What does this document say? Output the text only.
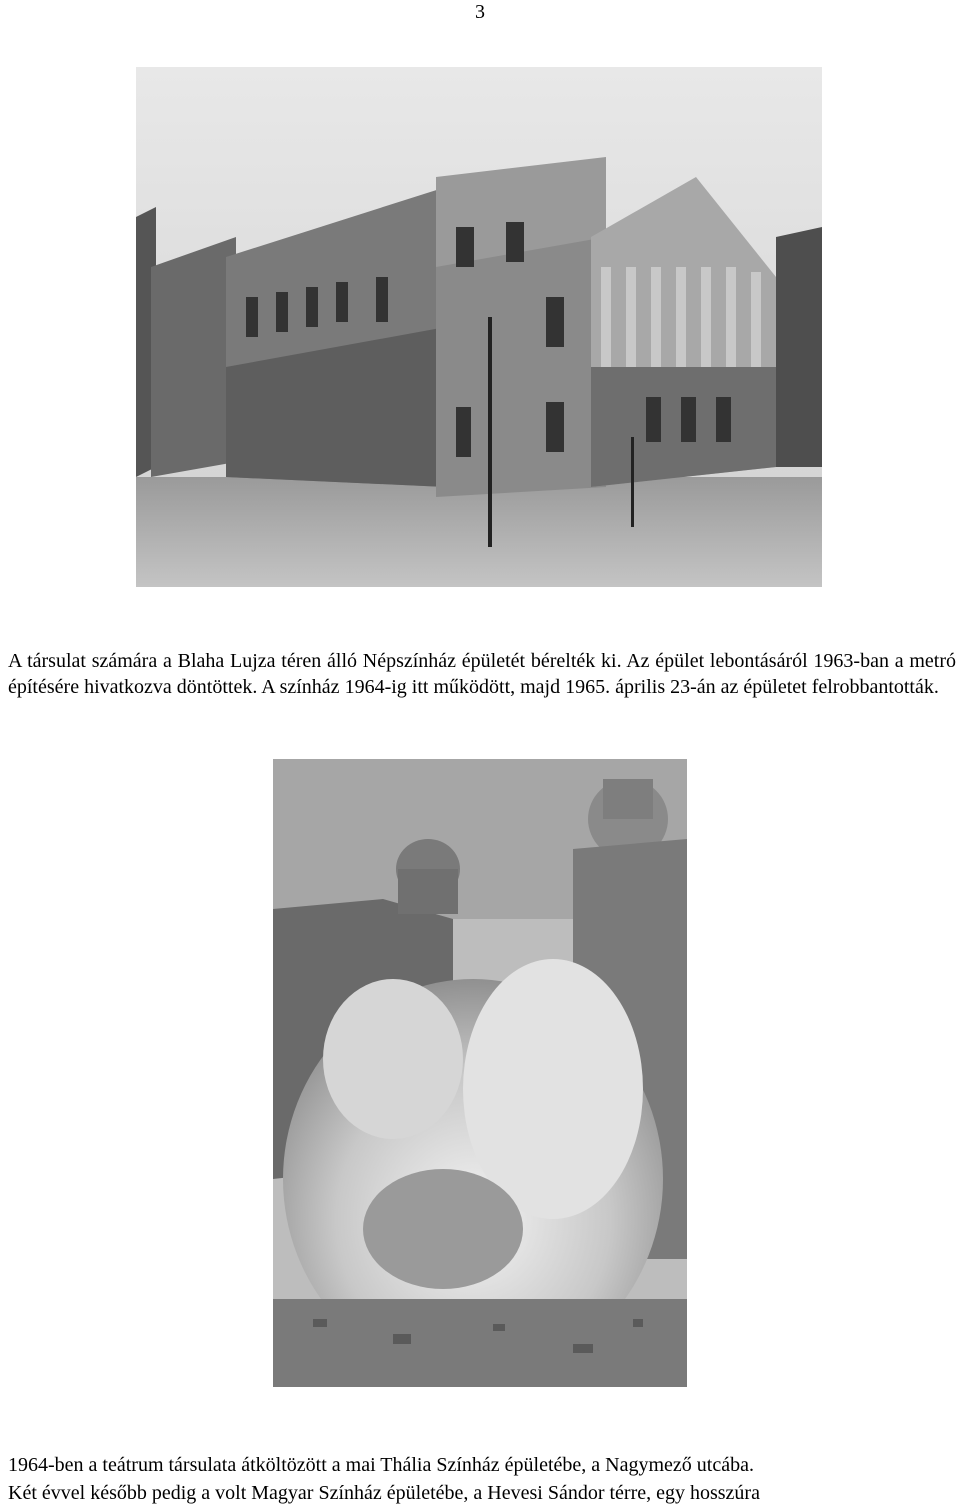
3

A társulat számára a Blaha Lujza téren álló Népszínház épületét bérelték ki. Az épület lebontásáról 1963-ban a metró építésére hivatkozva döntöttek. A színház 1964-ig itt működött, majd 1965. április 23-án az épületet felrobbantották.

1964-ben a teátrum társulata átköltözött a mai Thália Színház épületébe, a Nagymező utcába.
Két évvel később pedig a volt Magyar Színház épületébe, a Hevesi Sándor térre, egy hosszúra
